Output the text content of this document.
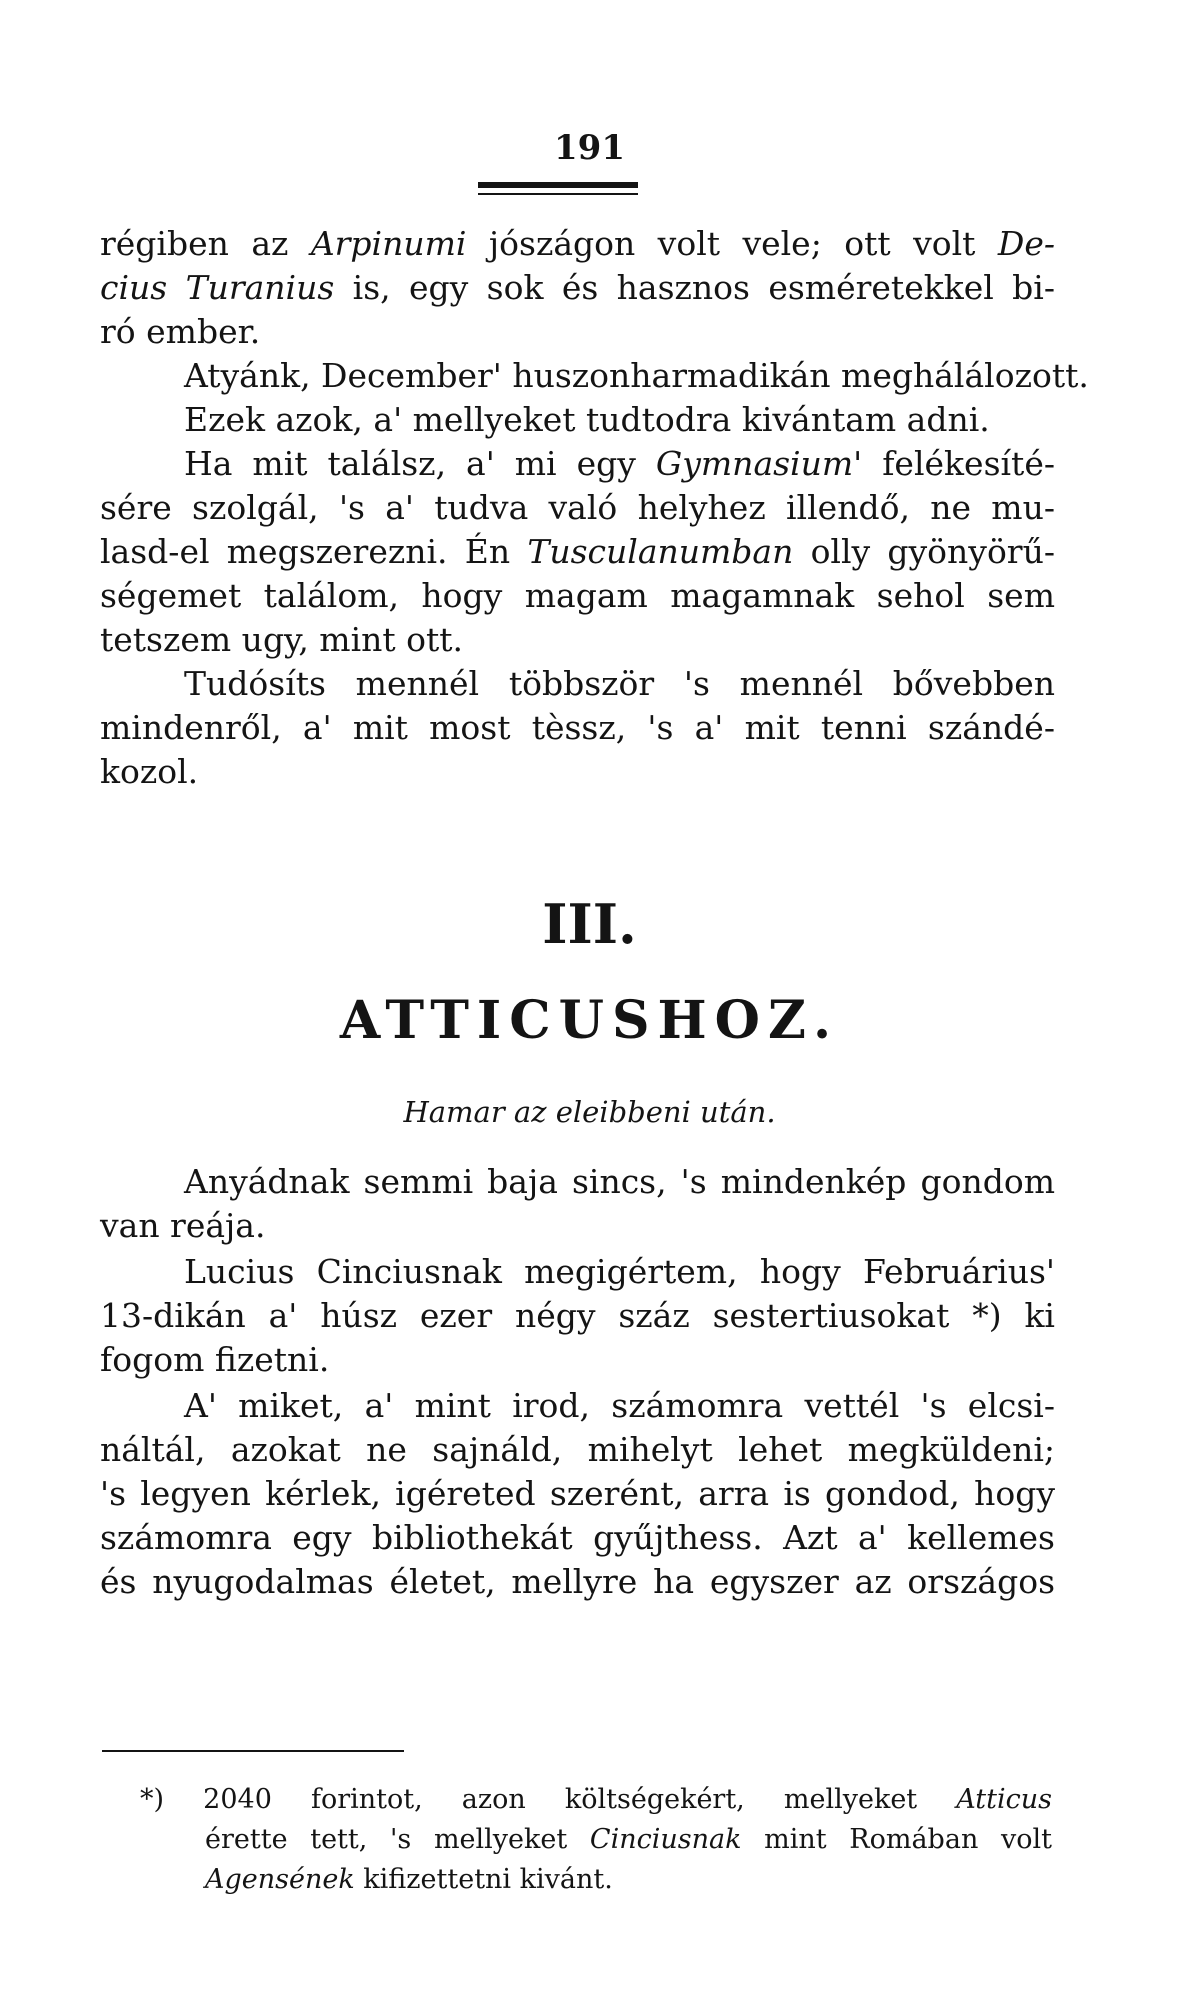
191
régiben az Arpinumi jószágon volt vele; ott volt De-
cius Turanius is, egy sok és hasznos esméretekkel bi-
ró ember.
Atyánk, December' huszonharmadikán meghálálozott.
Ezek azok, a' mellyeket tudtodra kivántam adni.
Ha mit találsz, a' mi egy Gymnasium' felékesíté-
sére szolgál, 's a' tudva való helyhez illendő, ne mu-
lasd-el megszerezni. Én Tusculanumban olly gyönyörű-
ségemet találom, hogy magam magamnak sehol sem
tetszem ugy, mint ott.
Tudósíts mennél többször 's mennél bővebben
mindenről, a' mit most tèssz, 's a' mit tenni szándé-
kozol.
III.
ATTICUSHOZ.
Hamar az eleibbeni után.
Anyádnak semmi baja sincs, 's mindenkép gondom
van reája.
Lucius Cinciusnak megigértem, hogy Februárius'
13-dikán a' húsz ezer négy száz sestertiusokat *) ki
fogom fizetni.
A' miket, a' mint irod, számomra vettél 's elcsi-
náltál, azokat ne sajnáld, mihelyt lehet megküldeni;
's legyen kérlek, igéreted szerént, arra is gondod, hogy
számomra egy bibliothekát gyűjthess. Azt a' kellemes
és nyugodalmas életet, mellyre ha egyszer az országos
*) 2040 forintot, azon költségekért, mellyeket Atticus
érette tett, 's mellyeket Cinciusnak mint Romában volt
Agensének kifizettetni kivánt.
